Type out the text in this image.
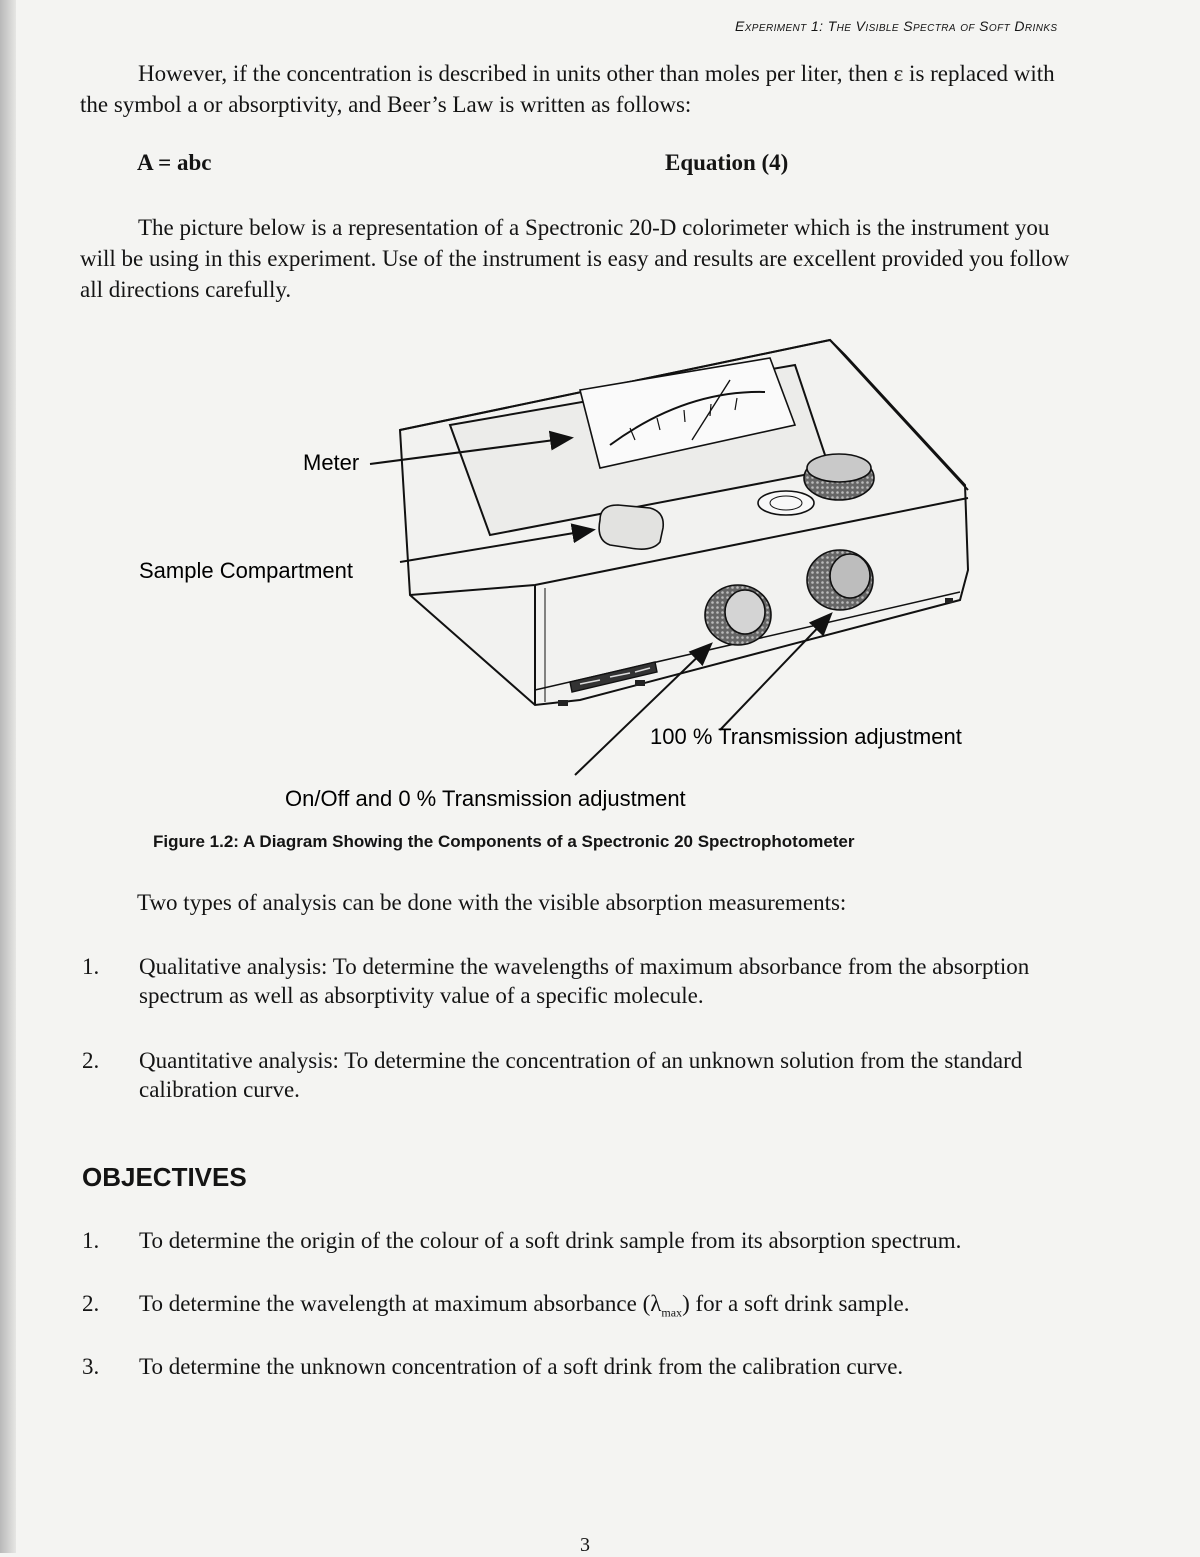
Experiment 1: The Visible Spectra of Soft Drinks
However, if the concentration is described in units other than moles per liter, then ε is replaced with the symbol a or absorptivity, and Beer’s Law is written as follows:
A = abc	Equation (4)
The picture below is a representation of a Spectronic 20-D colorimeter which is the instrument you will be using in this experiment. Use of the instrument is easy and results are excellent provided you follow all directions carefully.
Meter
Sample Compartment
100 % Transmission adjustment
On/Off and 0 % Transmission adjustment
Figure 1.2: A Diagram Showing the Components of a Spectronic 20 Spectrophotometer
Two types of analysis can be done with the visible absorption measurements:
1. Qualitative analysis: To determine the wavelengths of maximum absorbance from the absorption spectrum as well as absorptivity value of a specific molecule.
2. Quantitative analysis: To determine the concentration of an unknown solution from the standard calibration curve.
OBJECTIVES
1. To determine the origin of the colour of a soft drink sample from its absorption spectrum.
2. To determine the wavelength at maximum absorbance $(\lambda_{max})$ for a soft drink sample.
3. To determine the unknown concentration of a soft drink from the calibration curve.
3
